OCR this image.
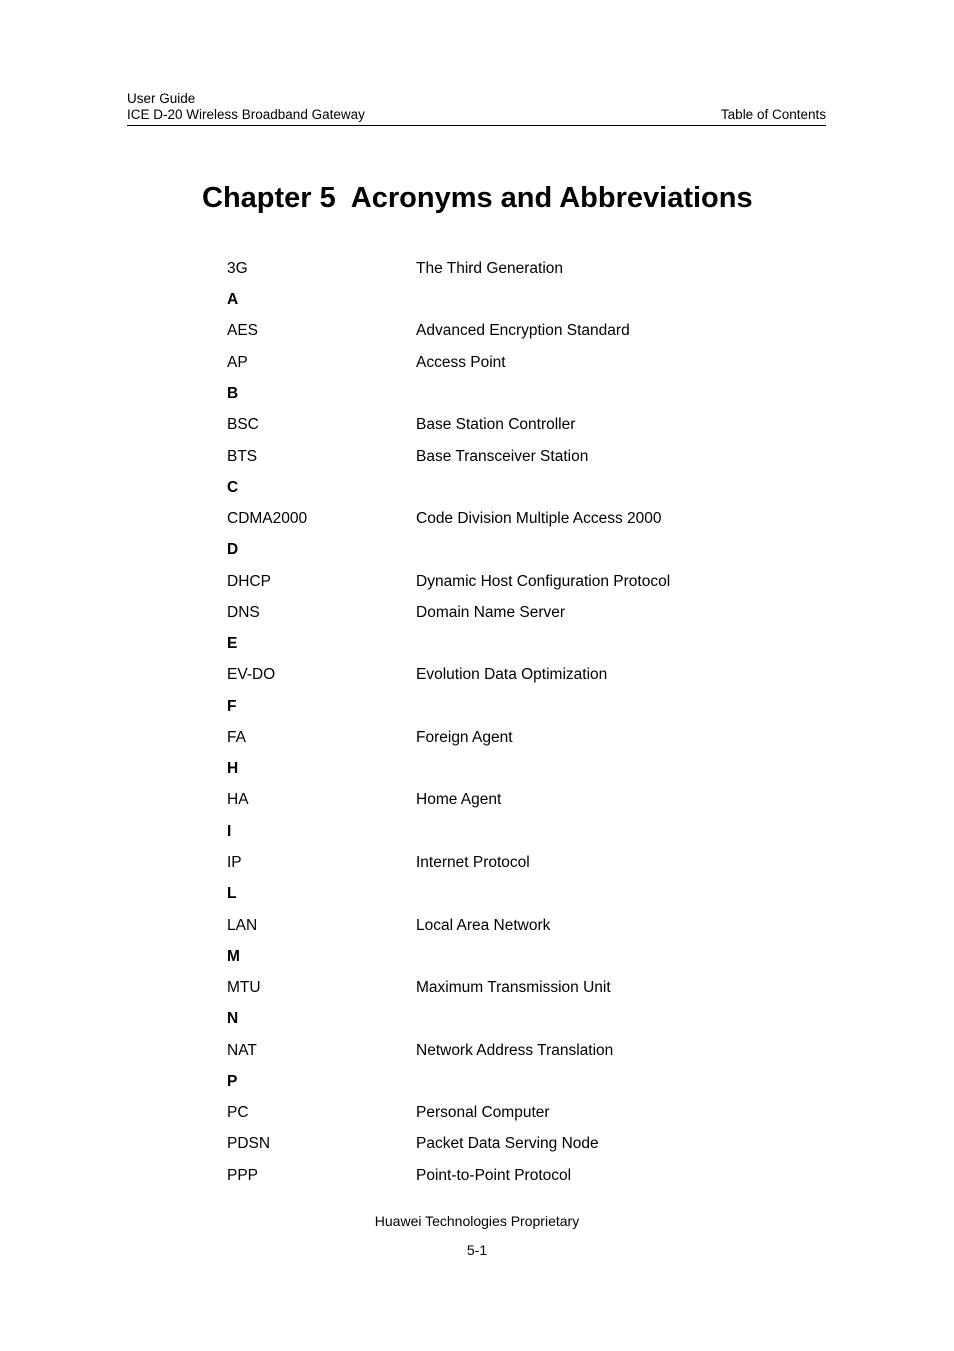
User Guide
ICE D-20 Wireless Broadband Gateway	Table of Contents
Chapter 5  Acronyms and Abbreviations
3G	The Third Generation
A
AES	Advanced Encryption Standard
AP	Access Point
B
BSC	Base Station Controller
BTS	Base Transceiver Station
C
CDMA2000	Code Division Multiple Access 2000
D
DHCP	Dynamic Host Configuration Protocol
DNS	Domain Name Server
E
EV-DO	Evolution Data Optimization
F
FA	Foreign Agent
H
HA	Home Agent
I
IP	Internet Protocol
L
LAN	Local Area Network
M
MTU	Maximum Transmission Unit
N
NAT	Network Address Translation
P
PC	Personal Computer
PDSN	Packet Data Serving Node
PPP	Point-to-Point Protocol
Huawei Technologies Proprietary
5-1
